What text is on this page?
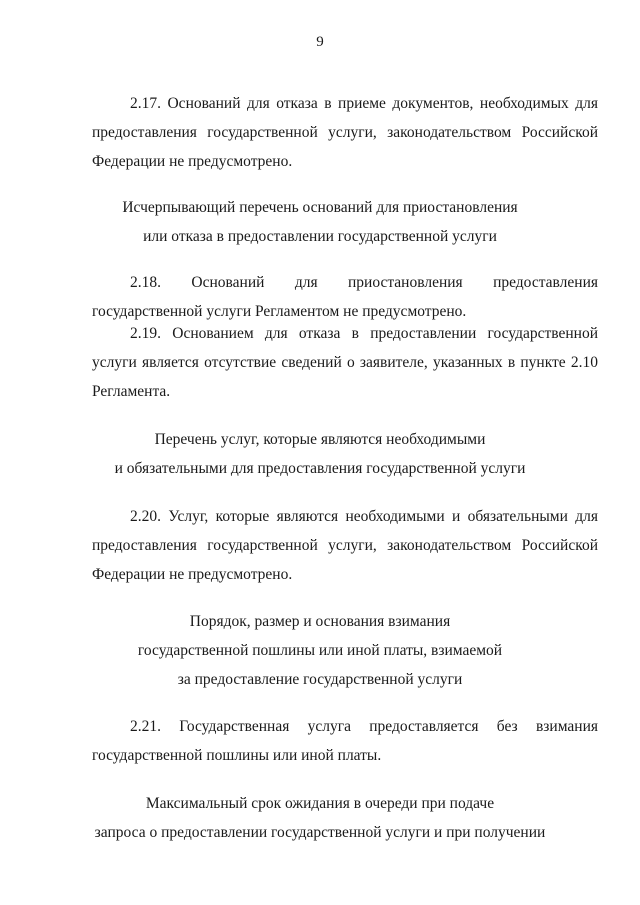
9

2.17. Оснований для отказа в приеме документов, необходимых для предоставления государственной услуги, законодательством Российской Федерации не предусмотрено.

Исчерпывающий перечень оснований для приостановления
или отказа в предоставлении государственной услуги

2.18. Оснований для приостановления предоставления государственной услуги Регламентом не предусмотрено.

2.19. Основанием для отказа в предоставлении государственной услуги является отсутствие сведений о заявителе, указанных в пункте 2.10 Регламента.

Перечень услуг, которые являются необходимыми
и обязательными для предоставления государственной услуги

2.20. Услуг, которые являются необходимыми и обязательными для предоставления государственной услуги, законодательством Российской Федерации не предусмотрено.

Порядок, размер и основания взимания
государственной пошлины или иной платы, взимаемой
за предоставление государственной услуги

2.21. Государственная услуга предоставляется без взимания государственной пошлины или иной платы.

Максимальный срок ожидания в очереди при подаче
запроса о предоставлении государственной услуги и при получении
